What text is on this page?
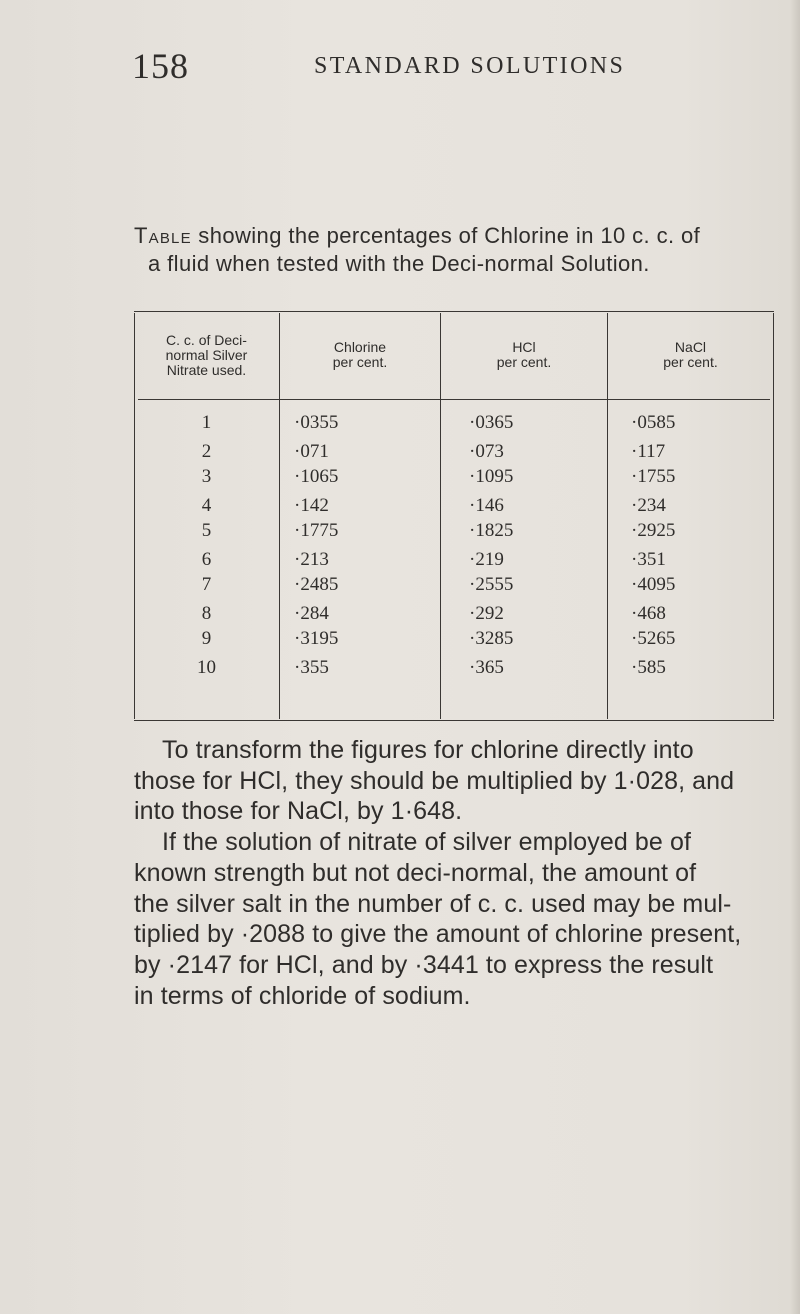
158	STANDARD SOLUTIONS
Table showing the percentages of Chlorine in 10 c. c. of
a fluid when tested with the Deci-normal Solution.
C. c. of Deci-
normal Silver
Nitrate used.
Chlorine
per cent.
HCl
per cent.
NaCl
per cent.
1
2
3
4
5
6
7
8
9
10
·0355
·071
·1065
·142
·1775
·213
·2485
·284
·3195
·355
·0365
·073
·1095
·146
·1825
·219
·2555
·292
·3285
·365
·0585
·117
·1755
·234
·2925
·351
·4095
·468
·5265
·585
To transform the figures for chlorine directly into
those for HCl, they should be multiplied by 1·028, and
into those for NaCl, by 1·648.
If the solution of nitrate of silver employed be of
known strength but not deci-normal, the amount of
the silver salt in the number of c. c. used may be mul-
tiplied by ·2088 to give the amount of chlorine present,
by ·2147 for HCl, and by ·3441 to express the result
in terms of chloride of sodium.
